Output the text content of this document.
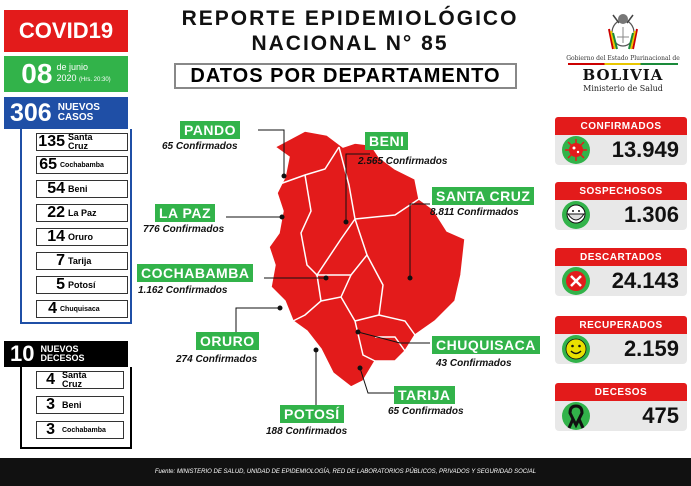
COVID19
08 de junio
2020 (Hrs. 20:30)
306 NUEVOS
CASOS
135 Santa Cruz
65 Cochabamba
54 Beni
22 La Paz
14 Oruro
7 Tarija
5 Potosí
4 Chuquisaca
10 NUEVOS
DECESOS
4 Santa Cruz
3 Beni
3	Cochabamba
REPORTE EPIDEMIOLÓGICO
NACIONAL N° 85
DATOS POR DEPARTAMENTO
Gobierno del Estado Plurinacional de
BOLIVIA
Ministerio de Salud
PANDO
65 Confirmados	BENI
2.565 Confirmados
LA PAZ
776 Confirmados
SANTA CRUZ
8.811 Confirmados
COCHABAMBA
1.162 Confirmados
ORURO
274 Confirmados
CHUQUISACA
43 Confirmados
TARIJA
65 Confirmados
POTOSÍ
188 Confirmados
CONFIRMADOS
13.949
SOSPECHOSOS
1.306
DESCARTADOS
24.143
RECUPERADOS
2.159
DECESOS
475
Fuente: MINISTERIO DE SALUD, UNIDAD DE EPIDEMIOLOGÍA, RED DE LABORATORIOS PÚBLICOS, PRIVADOS Y SEGURIDAD SOCIAL
